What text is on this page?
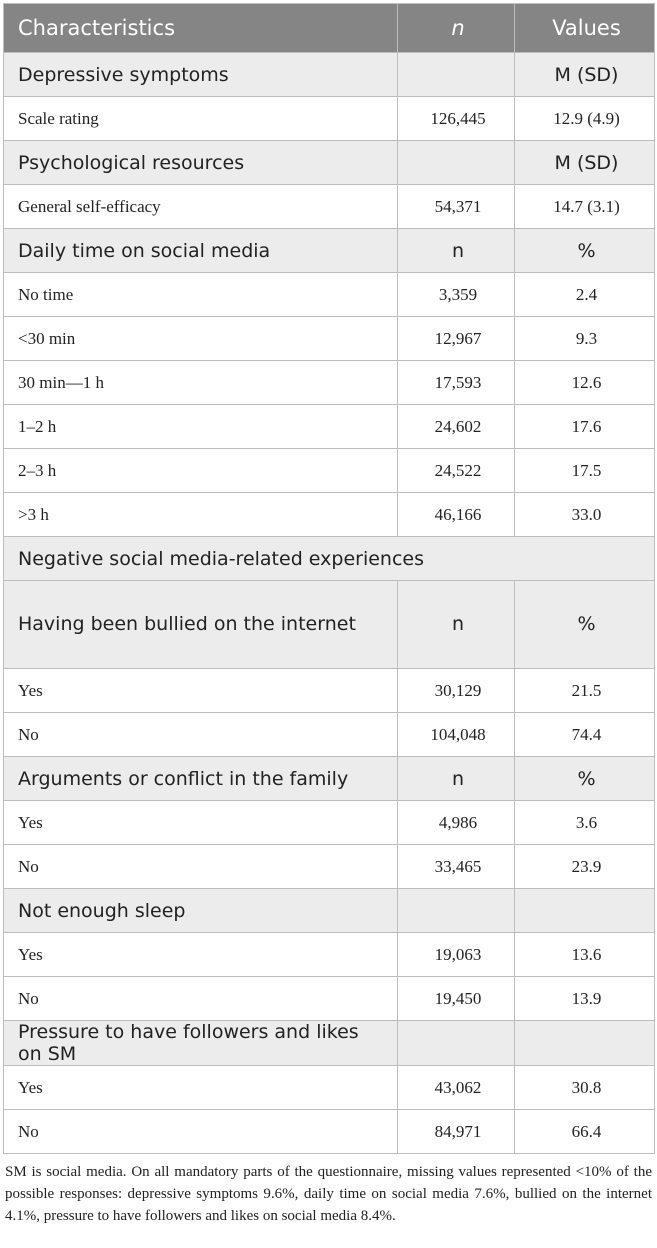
Characteristics	n	Values
Depressive symptoms		M (SD)
Scale rating	126,445	12.9 (4.9)
Psychological resources		M (SD)
General self-efficacy	54,371	14.7 (3.1)
Daily time on social media	n	%
No time	3,359	2.4
<30 min	12,967	9.3
30 min—1 h	17,593	12.6
1–2 h	24,602	17.6
2–3 h	24,522	17.5
>3 h	46,166	33.0
Negative social media-related experiences		
Having been bullied on the internet	n	%
Yes	30,129	21.5
No	104,048	74.4
Arguments or conflict in the family	n	%
Yes	4,986	3.6
No	33,465	23.9
Not enough sleep		
Yes	19,063	13.6
No	19,450	13.9
Pressure to have followers and likes on SM		
Yes	43,062	30.8
No	84,971	66.4

SM is social media. On all mandatory parts of the questionnaire, missing values represented <10% of the possible responses: depressive symptoms 9.6%, daily time on social media 7.6%, bullied on the internet 4.1%, pressure to have followers and likes on social media 8.4%.
